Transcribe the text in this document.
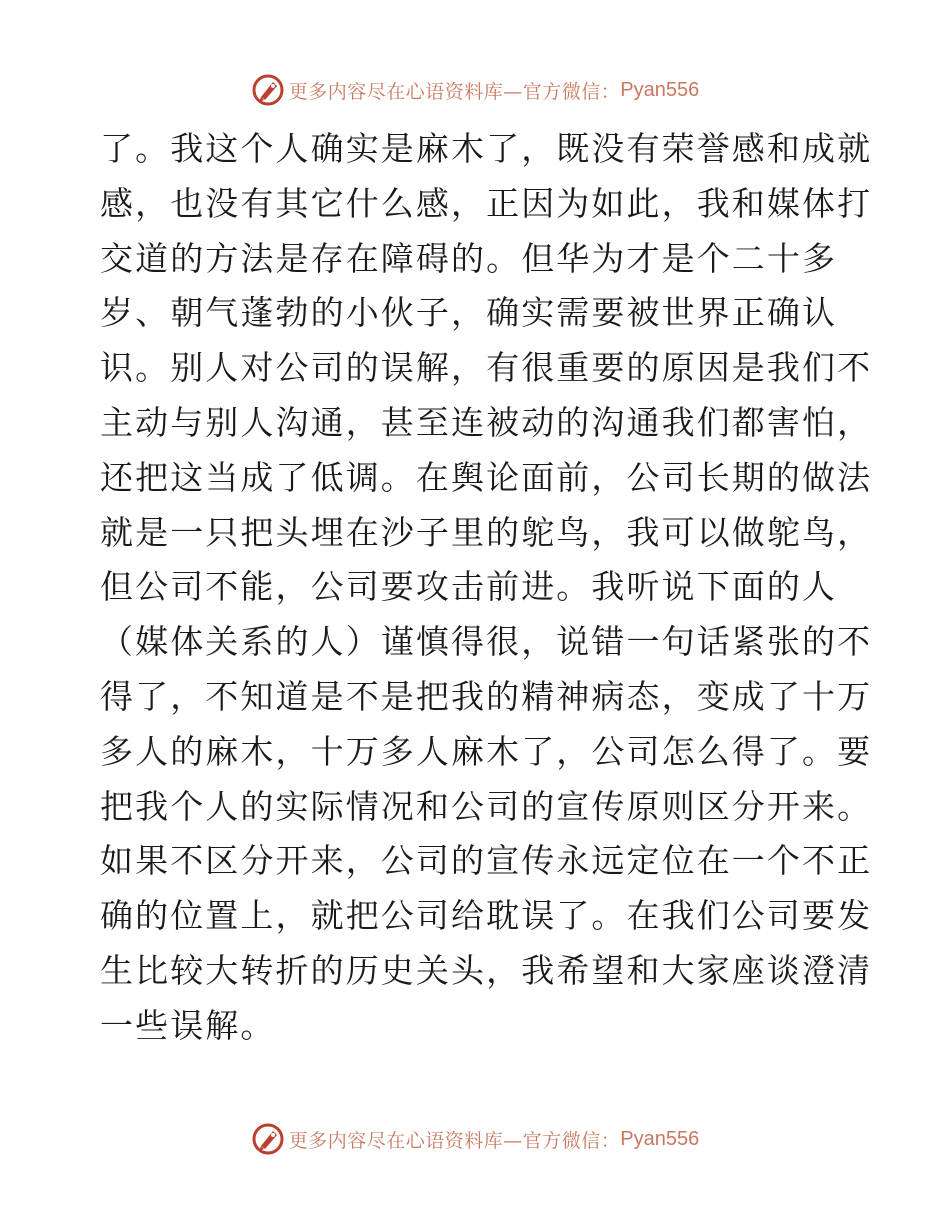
更多内容尽在心语资料库—官方微信： Pyan556
了。我这个人确实是麻木了，既没有荣誉感和成就
感，也没有其它什么感，正因为如此，我和媒体打
交道的方法是存在障碍的。但华为才是个二十多
岁、朝气蓬勃的小伙子，确实需要被世界正确认
识。别人对公司的误解，有很重要的原因是我们不
主动与别人沟通，甚至连被动的沟通我们都害怕，
还把这当成了低调。在舆论面前，公司长期的做法
就是一只把头埋在沙子里的鸵鸟，我可以做鸵鸟，
但公司不能，公司要攻击前进。我听说下面的人
（媒体关系的人）谨慎得很，说错一句话紧张的不
得了，不知道是不是把我的精神病态，变成了十万
多人的麻木，十万多人麻木了，公司怎么得了。要
把我个人的实际情况和公司的宣传原则区分开来。
如果不区分开来，公司的宣传永远定位在一个不正
确的位置上，就把公司给耽误了。在我们公司要发
生比较大转折的历史关头，我希望和大家座谈澄清
一些误解。
更多内容尽在心语资料库—官方微信： Pyan556
